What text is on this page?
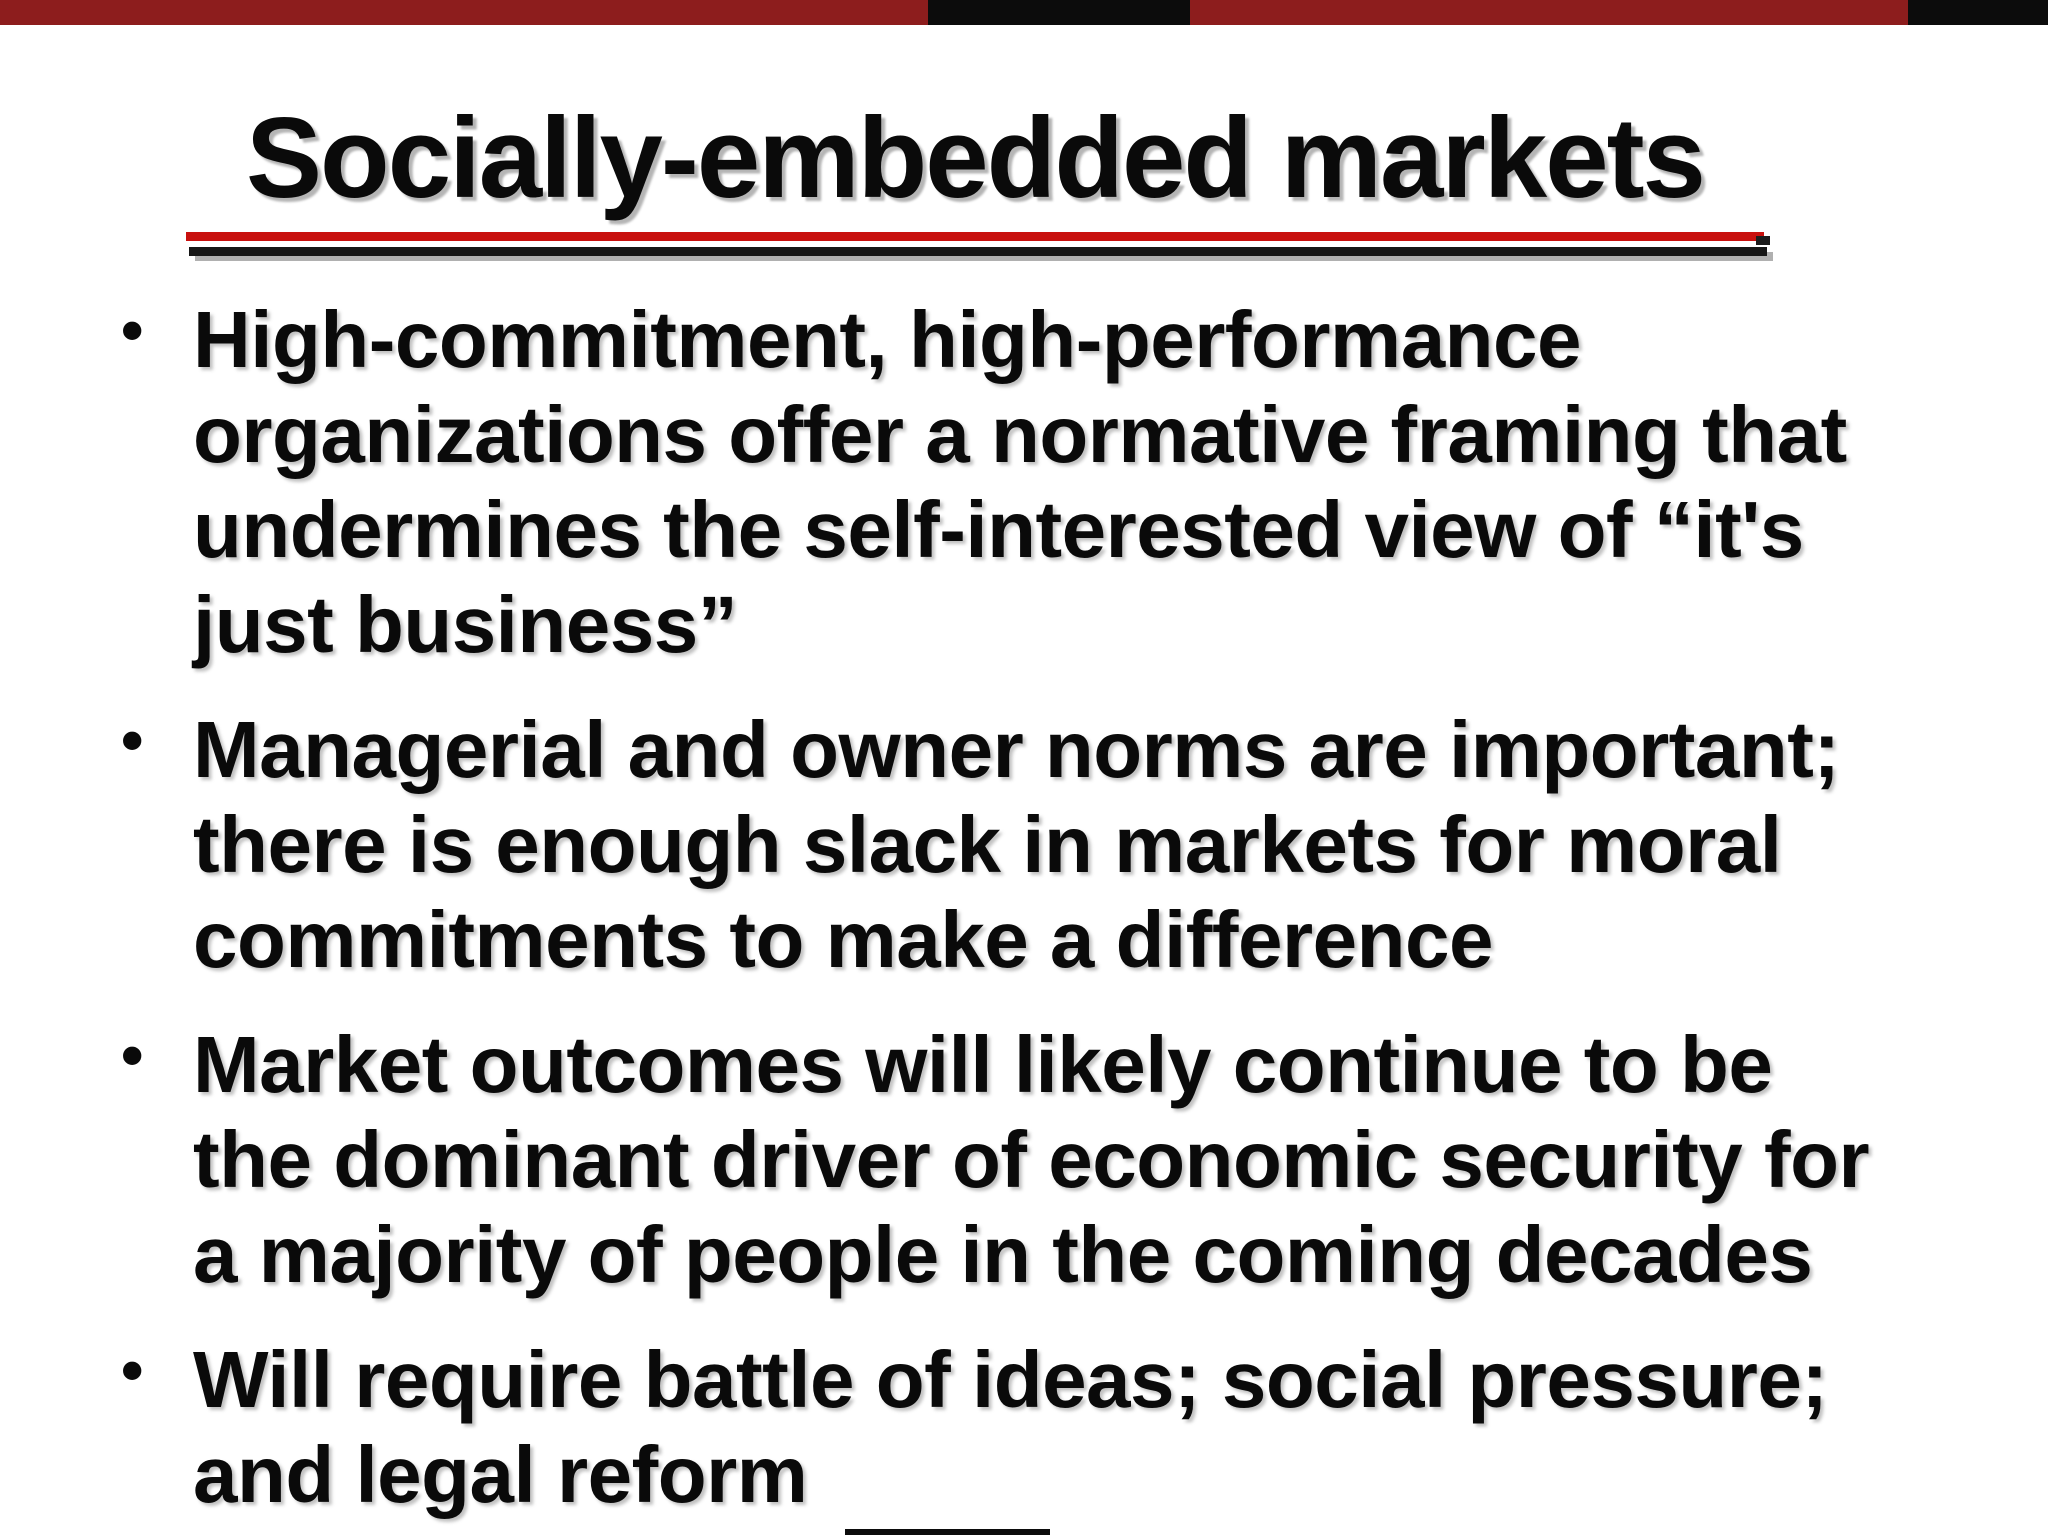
Socially-embedded markets
• High-commitment, high-performance
organizations offer a normative framing that
undermines the self-interested view of “it's
just business”
• Managerial and owner norms are important;
there is enough slack in markets for moral
commitments to make a difference
• Market outcomes will likely continue to be
the dominant driver of economic security for
a majority of people in the coming decades
• Will require battle of ideas; social pressure;
and legal reform
